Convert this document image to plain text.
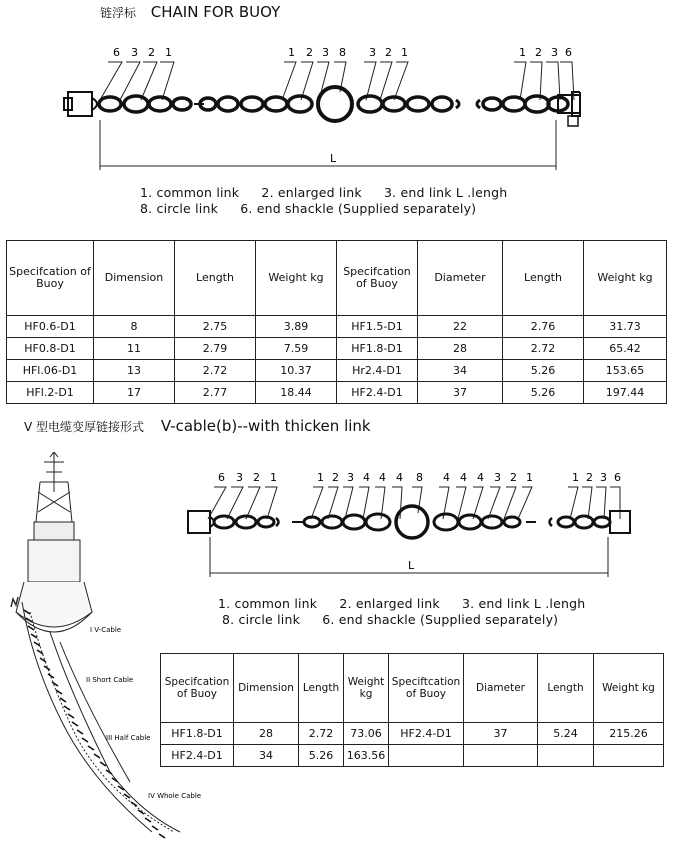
链浮标 CHAIN FOR BUOY
6 3 2 1	1 2 3 8 3 2 1	1 2 3 6
L
1. common link 2. enlarged link 3. end link L .lengh
8. circle link 6. end shackle (Supplied separately)
Specifcation of Buoy	Dimension	Length	Weight kg	Specifcation of Buoy	Diameter	Length	Weight kg
HF0.6-D1	8	2.75	3.89	HF1.5-D1	22	2.76	31.73
HF0.8-D1	11	2.79	7.59	HF1.8-D1	28	2.72	65.42
HFl.06-D1	13	2.72	10.37	Hr2.4-D1	34	5.26	153.65
HFl.2-D1	17	2.77	18.44	HF2.4-D1	37	5.26	197.44
V 型电缆变厚链接形式 V-cable(b)--with thicken link
I V-Cable
II Short Cable
III Half Cable
IV Whole Cable
6 3 2 1	1 2 3 4 4 4 8 4 4 4 3 2 1	1 2 3 6
L
1. common link 2. enlarged link 3. end link L .lengh
8. circle link 6. end shackle (Supplied separately)
Specifcation of Buoy	Dimension	Length	Weight kg	Speciftcation of Buoy	Diameter	Length	Weight kg
HF1.8-D1	28	2.72	73.06	HF2.4-D1	37	5.24	215.26
HF2.4-D1	34	5.26	163.56				
